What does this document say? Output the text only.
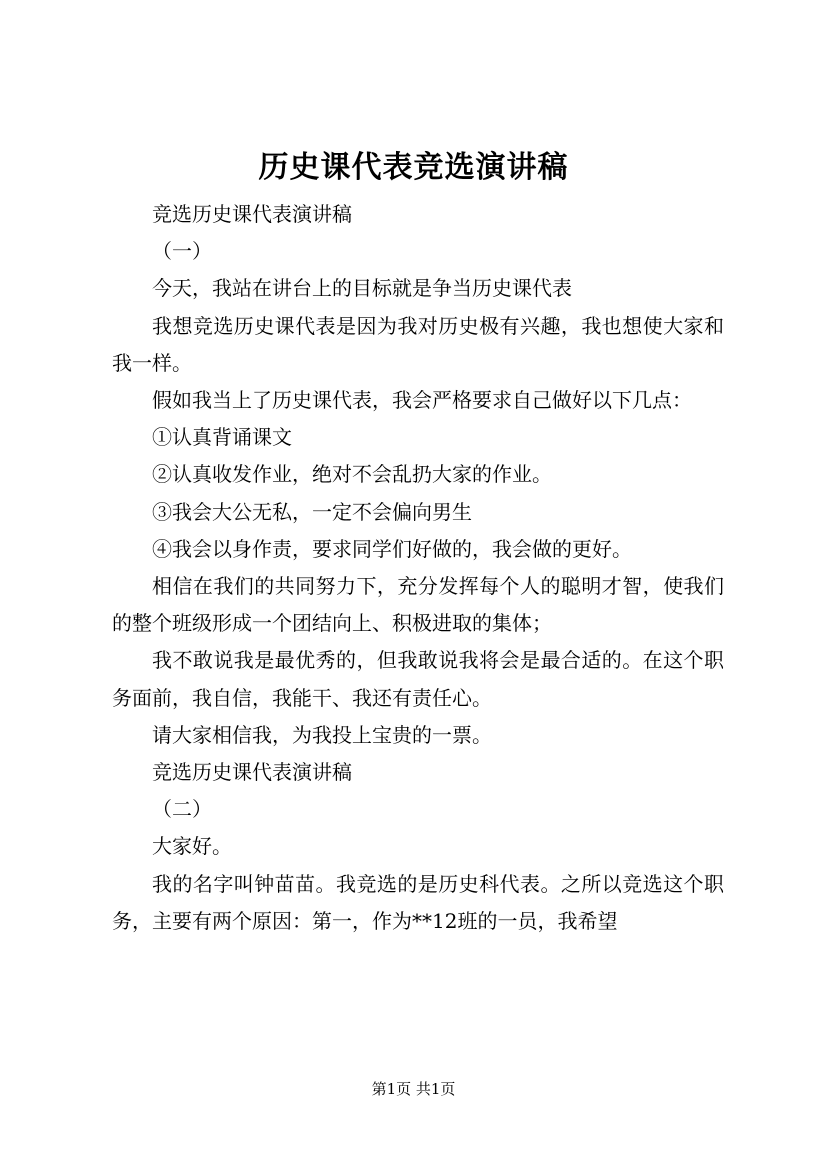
历史课代表竞选演讲稿

竞选历史课代表演讲稿

（一）

今天，我站在讲台上的目标就是争当历史课代表

我想竞选历史课代表是因为我对历史极有兴趣，我也想使大家和我一样。

假如我当上了历史课代表，我会严格要求自己做好以下几点：

①认真背诵课文

②认真收发作业，绝对不会乱扔大家的作业。

③我会大公无私，一定不会偏向男生

④我会以身作责，要求同学们好做的，我会做的更好。

相信在我们的共同努力下，充分发挥每个人的聪明才智，使我们的整个班级形成一个团结向上、积极进取的集体；

我不敢说我是最优秀的，但我敢说我将会是最合适的。在这个职务面前，我自信，我能干、我还有责任心。

请大家相信我，为我投上宝贵的一票。

竞选历史课代表演讲稿

（二）

大家好。

我的名字叫钟苗苗。我竞选的是历史科代表。之所以竞选这个职务，主要有两个原因：第一，作为**12班的一员，我希望

第1页 共1页
